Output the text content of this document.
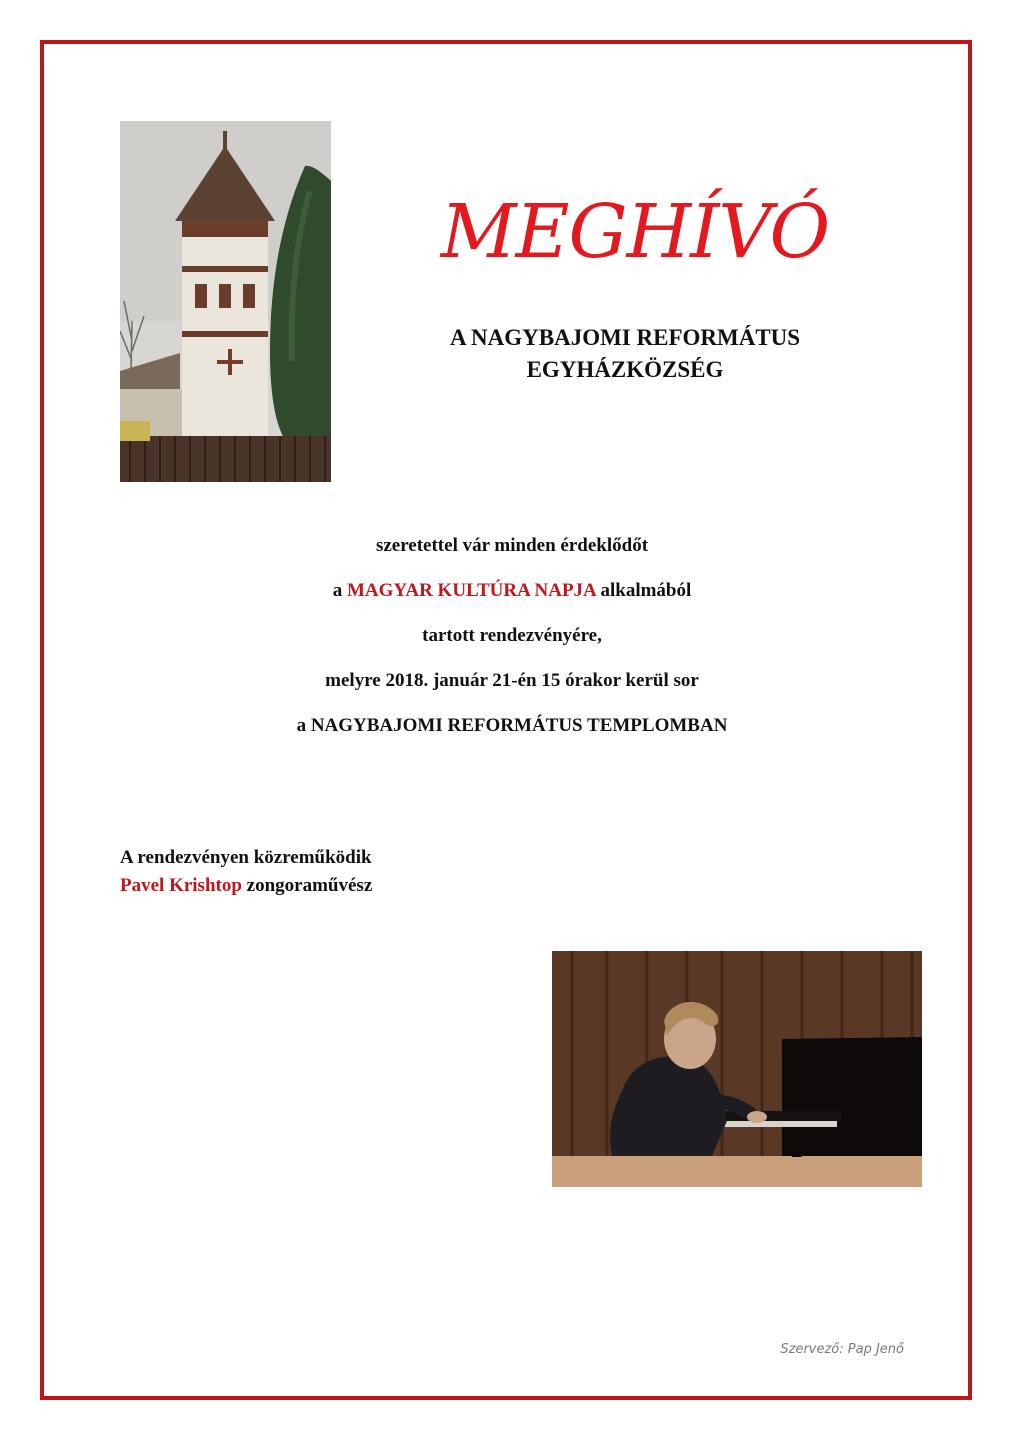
MEGHÍVÓ
A NAGYBAJOMI REFORMÁTUS
EGYHÁZKÖZSÉG

szeretettel vár minden érdeklődőt

a MAGYAR KULTÚRA NAPJA alkalmából

tartott rendezvényére,

melyre 2018. január 21-én 15 órakor kerül sor

a NAGYBAJOMI REFORMÁTUS TEMPLOMBAN

A rendezvényen közreműködik

Pavel Krishtop zongoraművész

Szervező: Pap Jenő
